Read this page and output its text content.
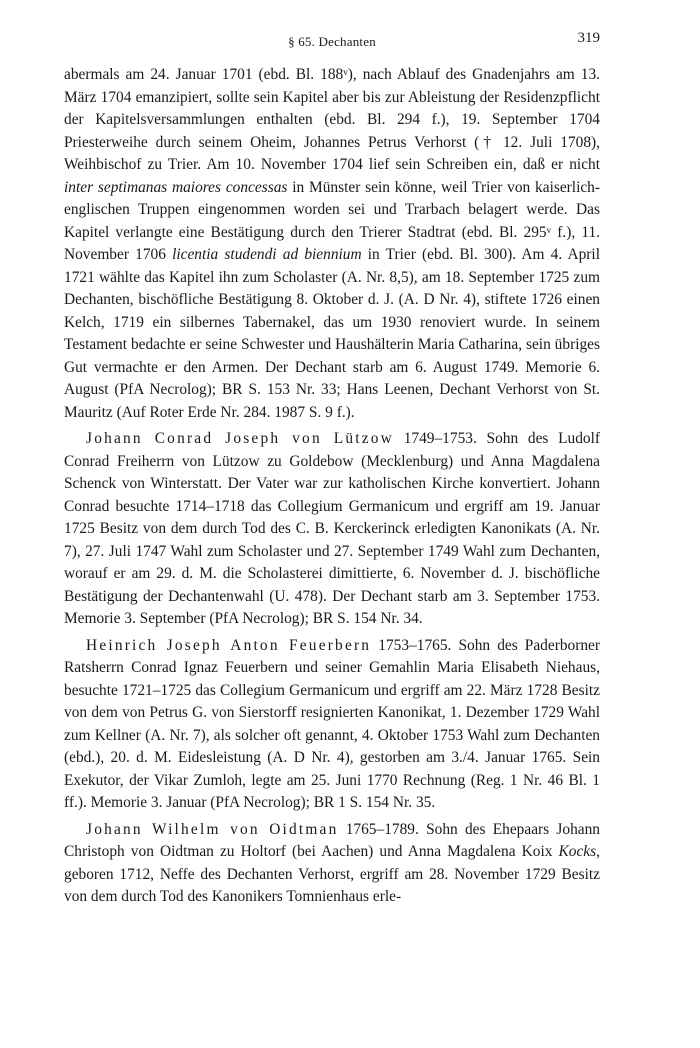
§ 65. Dechanten	319

abermals am 24. Januar 1701 (ebd. Bl. 188ᵛ), nach Ablauf des Gnadenjahrs am 13. März 1704 emanzipiert, sollte sein Kapitel aber bis zur Ableistung der Residenzpflicht der Kapitelsversammlungen enthalten (ebd. Bl. 294 f.), 19. September 1704 Priesterweihe durch seinem Oheim, Johannes Petrus Verhorst († 12. Juli 1708), Weihbischof zu Trier. Am 10. November 1704 lief sein Schreiben ein, daß er nicht inter septimanas maiores concessas in Münster sein könne, weil Trier von kaiserlich-englischen Truppen eingenommen worden sei und Trarbach belagert werde. Das Kapitel verlangte eine Bestätigung durch den Trierer Stadtrat (ebd. Bl. 295ᵛ f.), 11. November 1706 licentia studendi ad biennium in Trier (ebd. Bl. 300). Am 4. April 1721 wählte das Kapitel ihn zum Scholaster (A. Nr. 8,5), am 18. September 1725 zum Dechanten, bischöfliche Bestätigung 8. Oktober d. J. (A. D Nr. 4), stiftete 1726 einen Kelch, 1719 ein silbernes Tabernakel, das um 1930 renoviert wurde. In seinem Testament bedachte er seine Schwester und Haushälterin Maria Catharina, sein übriges Gut vermachte er den Armen. Der Dechant starb am 6. August 1749. Memorie 6. August (PfA Necrolog); BR S. 153 Nr. 33; Hans Leenen, Dechant Verhorst von St. Mauritz (Auf Roter Erde Nr. 284. 1987 S. 9 f.).

Johann Conrad Joseph von Lützow 1749–1753. Sohn des Ludolf Conrad Freiherrn von Lützow zu Goldebow (Mecklenburg) und Anna Magdalena Schenck von Winterstatt. Der Vater war zur katholischen Kirche konvertiert. Johann Conrad besuchte 1714–1718 das Collegium Germanicum und ergriff am 19. Januar 1725 Besitz von dem durch Tod des C. B. Kerckerinck erledigten Kanonikats (A. Nr. 7), 27. Juli 1747 Wahl zum Scholaster und 27. September 1749 Wahl zum Dechanten, worauf er am 29. d. M. die Scholasterei dimittierte, 6. November d. J. bischöfliche Bestätigung der Dechantenwahl (U. 478). Der Dechant starb am 3. September 1753. Memorie 3. September (PfA Necrolog); BR S. 154 Nr. 34.

Heinrich Joseph Anton Feuerbern 1753–1765. Sohn des Paderborner Ratsherrn Conrad Ignaz Feuerbern und seiner Gemahlin Maria Elisabeth Niehaus, besuchte 1721–1725 das Collegium Germanicum und ergriff am 22. März 1728 Besitz von dem von Petrus G. von Sierstorff resignierten Kanonikat, 1. Dezember 1729 Wahl zum Kellner (A. Nr. 7), als solcher oft genannt, 4. Oktober 1753 Wahl zum Dechanten (ebd.), 20. d. M. Eidesleistung (A. D Nr. 4), gestorben am 3./4. Januar 1765. Sein Exekutor, der Vikar Zumloh, legte am 25. Juni 1770 Rechnung (Reg. 1 Nr. 46 Bl. 1 ff.). Memorie 3. Januar (PfA Necrolog); BR 1 S. 154 Nr. 35.

Johann Wilhelm von Oidtman 1765–1789. Sohn des Ehepaars Johann Christoph von Oidtman zu Holtorf (bei Aachen) und Anna Magdalena Koix Kocks, geboren 1712, Neffe des Dechanten Verhorst, ergriff am 28. November 1729 Besitz von dem durch Tod des Kanonikers Tomnienhaus erle-
